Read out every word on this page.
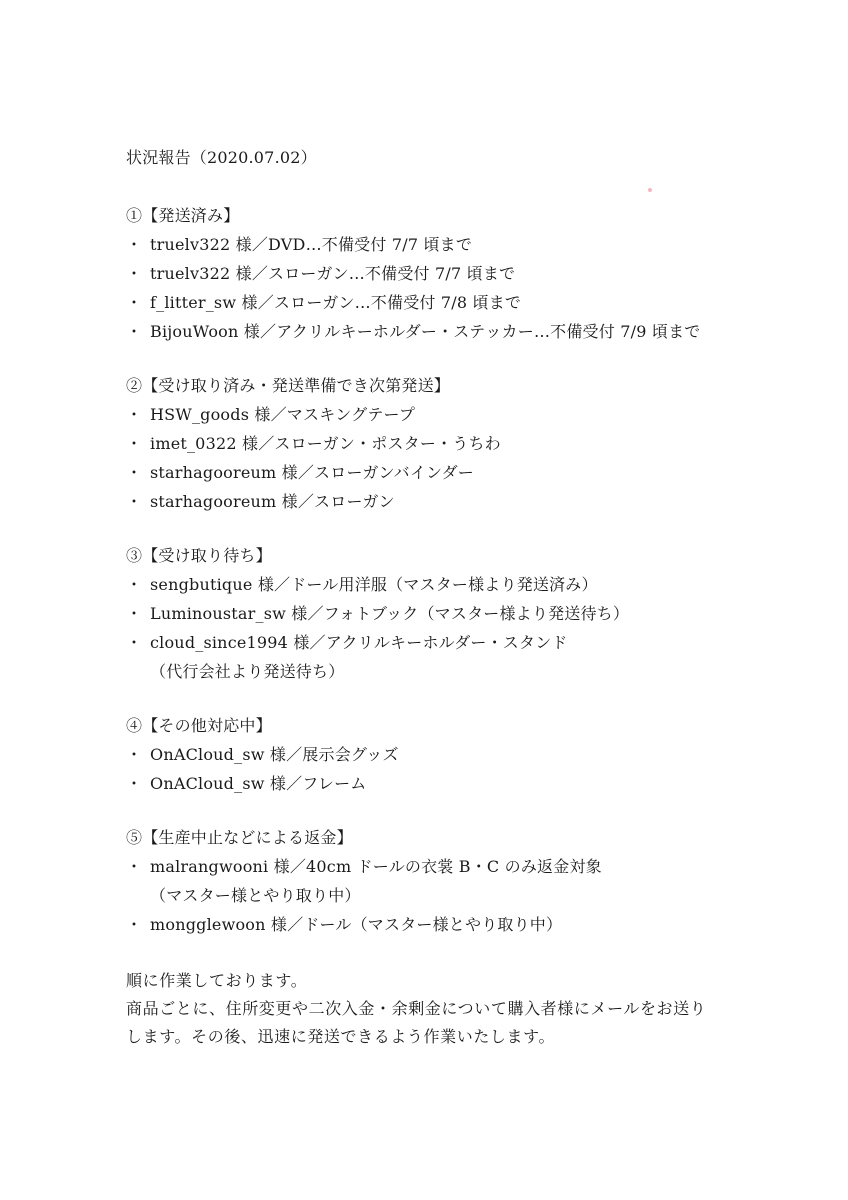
状況報告（2020.07.02）
①【発送済み】
・ truelv322 様／DVD…不備受付 7/7 頃まで
・ truelv322 様／スローガン…不備受付 7/7 頃まで
・ f_litter_sw 様／スローガン…不備受付 7/8 頃まで
・ BijouWoon 様／アクリルキーホルダー・ステッカー…不備受付 7/9 頃まで
②【受け取り済み・発送準備でき次第発送】
・ HSW_goods 様／マスキングテープ
・ imet_0322 様／スローガン・ポスター・うちわ
・ starhagooreum 様／スローガンバインダー
・ starhagooreum 様／スローガン
③【受け取り待ち】
・ sengbutique 様／ドール用洋服（マスター様より発送済み）
・ Luminoustar_sw 様／フォトブック（マスター様より発送待ち）
・ cloud_since1994 様／アクリルキーホルダー・スタンド
（代行会社より発送待ち）
④【その他対応中】
・ OnACloud_sw 様／展示会グッズ
・ OnACloud_sw 様／フレーム
⑤【生産中止などによる返金】
・ malrangwooni 様／40cm ドールの衣裳 B・C のみ返金対象
（マスター様とやり取り中）
・ mongglewoon 様／ドール（マスター様とやり取り中）

順に作業しております。

商品ごとに、住所変更や二次入金・余剰金について購入者様にメールをお送り

します。その後、迅速に発送できるよう作業いたします。
